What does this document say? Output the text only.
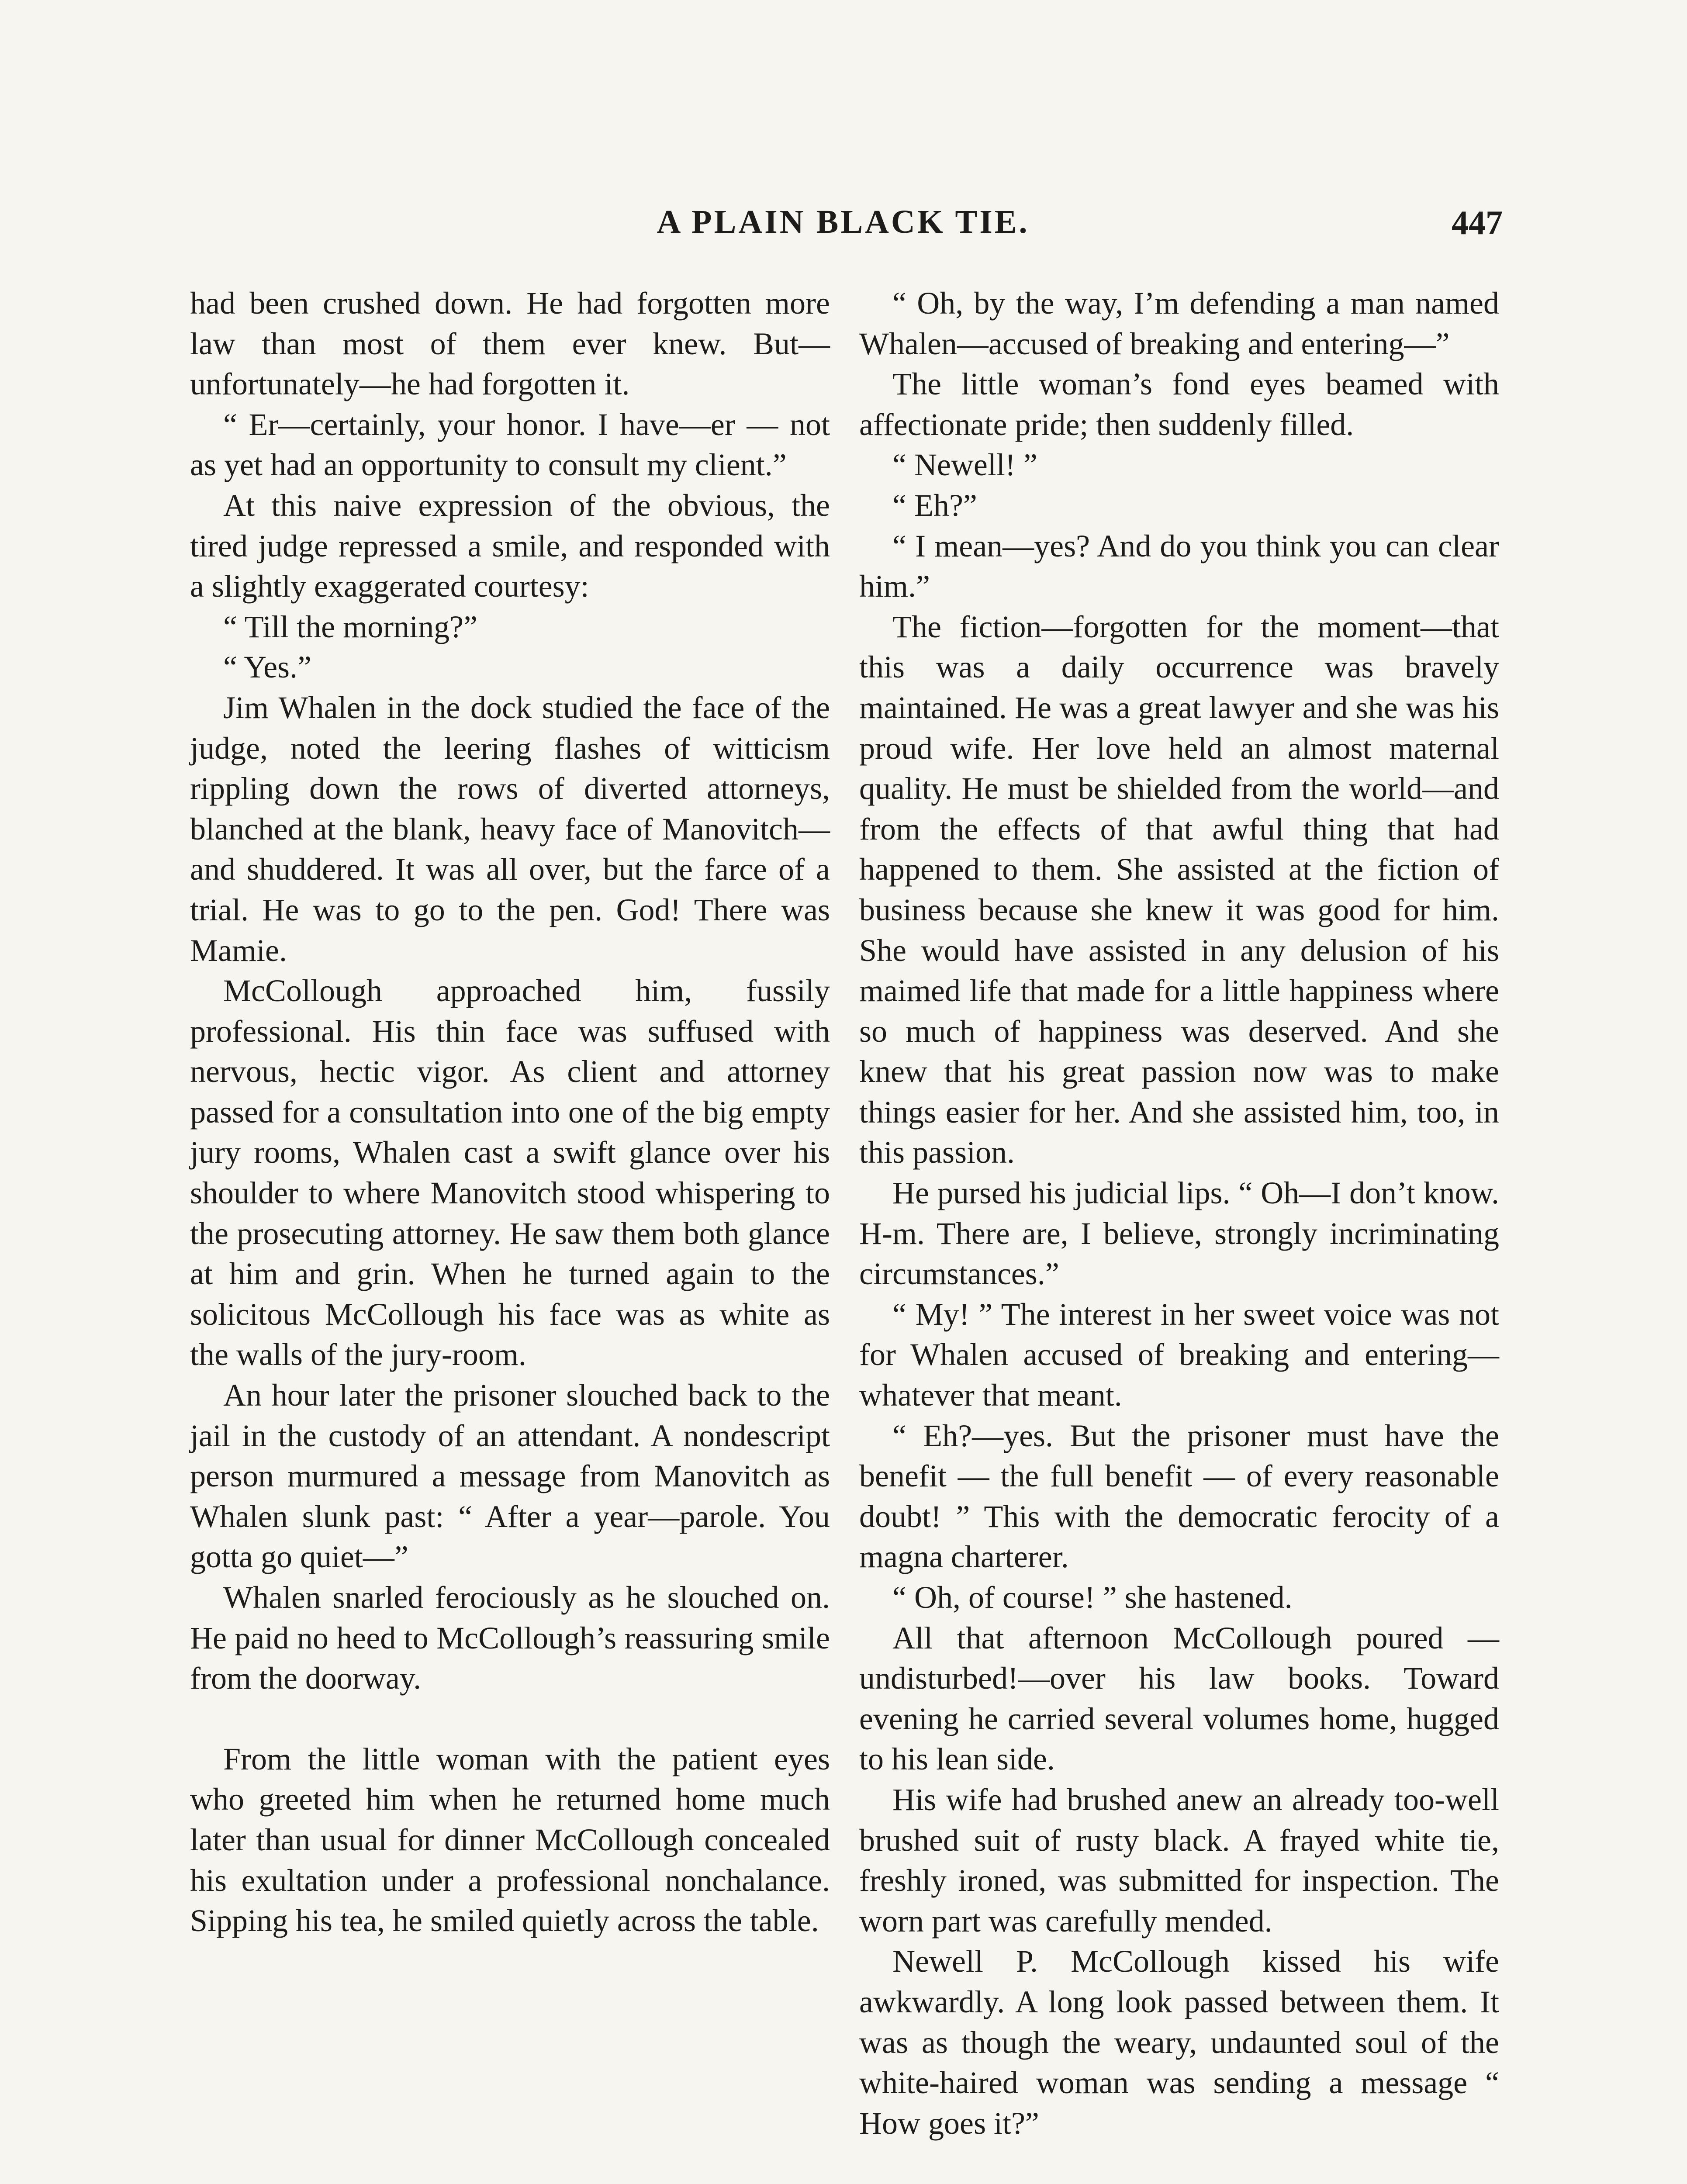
A PLAIN BLACK TIE.	447

had been crushed down. He had forgotten more law than most of them ever knew. But—unfortunately—he had forgotten it.

“ Er—certainly, your honor. I have—er — not as yet had an opportunity to consult my client.”

At this naive expression of the obvious, the tired judge repressed a smile, and responded with a slightly exaggerated courtesy:

“ Till the morning?”

“ Yes.”

Jim Whalen in the dock studied the face of the judge, noted the leering flashes of witticism rippling down the rows of diverted attorneys, blanched at the blank, heavy face of Manovitch—and shuddered. It was all over, but the farce of a trial. He was to go to the pen. God! There was Mamie.

McCollough approached him, fussily professional. His thin face was suffused with nervous, hectic vigor. As client and attorney passed for a consultation into one of the big empty jury rooms, Whalen cast a swift glance over his shoulder to where Manovitch stood whispering to the prosecuting attorney. He saw them both glance at him and grin. When he turned again to the solicitous McCollough his face was as white as the walls of the jury-room.

An hour later the prisoner slouched back to the jail in the custody of an attendant. A nondescript person murmured a message from Manovitch as Whalen slunk past: “ After a year—parole. You gotta go quiet—”

Whalen snarled ferociously as he slouched on. He paid no heed to McCollough’s reassuring smile from the doorway.

From the little woman with the patient eyes who greeted him when he returned home much later than usual for dinner McCollough concealed his exultation under a professional nonchalance. Sipping his tea, he smiled quietly across the table.

“ Oh, by the way, I’m defending a man named Whalen—accused of breaking and entering—”

The little woman’s fond eyes beamed with affectionate pride; then suddenly filled.

“ Newell! ”

“ Eh?”

“ I mean—yes? And do you think you can clear him.”

The fiction—forgotten for the moment—that this was a daily occurrence was bravely maintained. He was a great lawyer and she was his proud wife. Her love held an almost maternal quality. He must be shielded from the world—and from the effects of that awful thing that had happened to them. She assisted at the fiction of business because she knew it was good for him. She would have assisted in any delusion of his maimed life that made for a little happiness where so much of happiness was deserved. And she knew that his great passion now was to make things easier for her. And she assisted him, too, in this passion.

He pursed his judicial lips. “ Oh—I don’t know. H-m. There are, I believe, strongly incriminating circumstances.”

“ My! ” The interest in her sweet voice was not for Whalen accused of breaking and entering—whatever that meant.

“ Eh?—yes. But the prisoner must have the benefit — the full benefit — of every reasonable doubt! ” This with the democratic ferocity of a magna charterer.

“ Oh, of course! ” she hastened.

All that afternoon McCollough poured —undisturbed!—over his law books. Toward evening he carried several volumes home, hugged to his lean side.

His wife had brushed anew an already too-well brushed suit of rusty black. A frayed white tie, freshly ironed, was submitted for inspection. The worn part was carefully mended.

Newell P. McCollough kissed his wife awkwardly. A long look passed between them. It was as though the weary, undaunted soul of the white-haired woman was sending a message “ How goes it?”
